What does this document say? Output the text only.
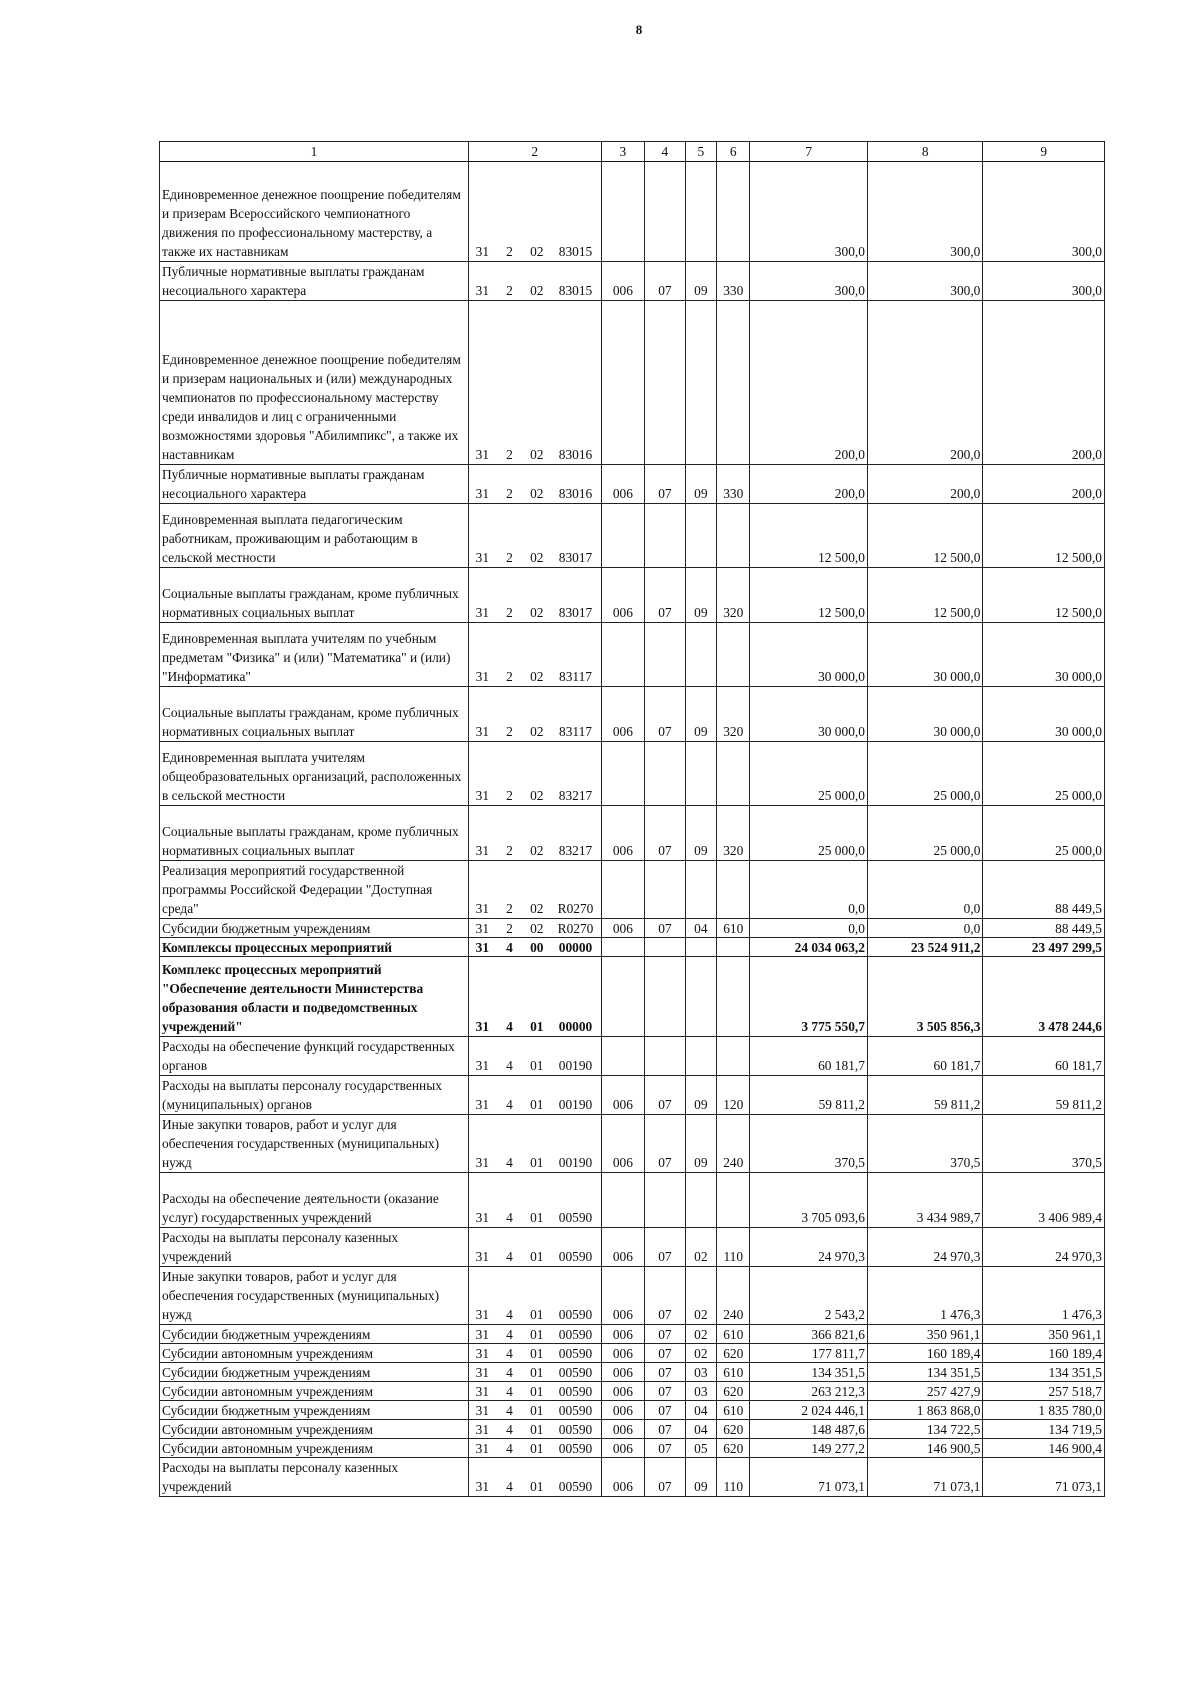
8
1	2				3	4	5	6	7	8	9
Единовременное денежное поощрение победителям и призерам Всероссийского чемпионатного движения по профессиональному мастерству, а также их наставникам	31	2	02	83015					300,0	300,0	300,0
Публичные нормативные выплаты гражданам несоциального характера	31	2	02	83015	006	07	09	330	300,0	300,0	300,0
Единовременное денежное поощрение победителям и призерам национальных и (или) международных чемпионатов по профессиональному мастерству среди инвалидов и лиц с ограниченными возможностями здоровья "Абилимпикс", а также их наставникам	31	2	02	83016					200,0	200,0	200,0
Публичные нормативные выплаты гражданам несоциального характера	31	2	02	83016	006	07	09	330	200,0	200,0	200,0
Единовременная выплата педагогическим работникам, проживающим и работающим в сельской местности	31	2	02	83017					12 500,0	12 500,0	12 500,0
Социальные выплаты гражданам, кроме публичных нормативных социальных выплат	31	2	02	83017	006	07	09	320	12 500,0	12 500,0	12 500,0
Единовременная выплата учителям по учебным предметам "Физика" и (или) "Математика" и (или) "Информатика"	31	2	02	83117					30 000,0	30 000,0	30 000,0
Социальные выплаты гражданам, кроме публичных нормативных социальных выплат	31	2	02	83117	006	07	09	320	30 000,0	30 000,0	30 000,0
Единовременная выплата учителям общеобразовательных организаций, расположенных в сельской местности	31	2	02	83217					25 000,0	25 000,0	25 000,0
Социальные выплаты гражданам, кроме публичных нормативных социальных выплат	31	2	02	83217	006	07	09	320	25 000,0	25 000,0	25 000,0
Реализация мероприятий государственной программы Российской Федерации "Доступная среда"	31	2	02	R0270					0,0	0,0	88 449,5
Субсидии бюджетным учреждениям	31	2	02	R0270	006	07	04	610	0,0	0,0	88 449,5
Комплексы процессных мероприятий	31	4	00	00000					24 034 063,2	23 524 911,2	23 497 299,5
Комплекс процессных мероприятий "Обеспечение деятельности Министерства образования области и подведомственных учреждений"	31	4	01	00000					3 775 550,7	3 505 856,3	3 478 244,6
Расходы на обеспечение функций государственных органов	31	4	01	00190					60 181,7	60 181,7	60 181,7
Расходы на выплаты персоналу государственных (муниципальных) органов	31	4	01	00190	006	07	09	120	59 811,2	59 811,2	59 811,2
Иные закупки товаров, работ и услуг для обеспечения государственных (муниципальных) нужд	31	4	01	00190	006	07	09	240	370,5	370,5	370,5
Расходы на обеспечение деятельности (оказание услуг) государственных учреждений	31	4	01	00590					3 705 093,6	3 434 989,7	3 406 989,4
Расходы на выплаты персоналу казенных учреждений	31	4	01	00590	006	07	02	110	24 970,3	24 970,3	24 970,3
Иные закупки товаров, работ и услуг для обеспечения государственных (муниципальных) нужд	31	4	01	00590	006	07	02	240	2 543,2	1 476,3	1 476,3
Субсидии бюджетным учреждениям	31	4	01	00590	006	07	02	610	366 821,6	350 961,1	350 961,1
Субсидии автономным учреждениям	31	4	01	00590	006	07	02	620	177 811,7	160 189,4	160 189,4
Субсидии бюджетным учреждениям	31	4	01	00590	006	07	03	610	134 351,5	134 351,5	134 351,5
Субсидии автономным учреждениям	31	4	01	00590	006	07	03	620	263 212,3	257 427,9	257 518,7
Субсидии бюджетным учреждениям	31	4	01	00590	006	07	04	610	2 024 446,1	1 863 868,0	1 835 780,0
Субсидии автономным учреждениям	31	4	01	00590	006	07	04	620	148 487,6	134 722,5	134 719,5
Субсидии автономным учреждениям	31	4	01	00590	006	07	05	620	149 277,2	146 900,5	146 900,4
Расходы на выплаты персоналу казенных учреждений	31	4	01	00590	006	07	09	110	71 073,1	71 073,1	71 073,1
